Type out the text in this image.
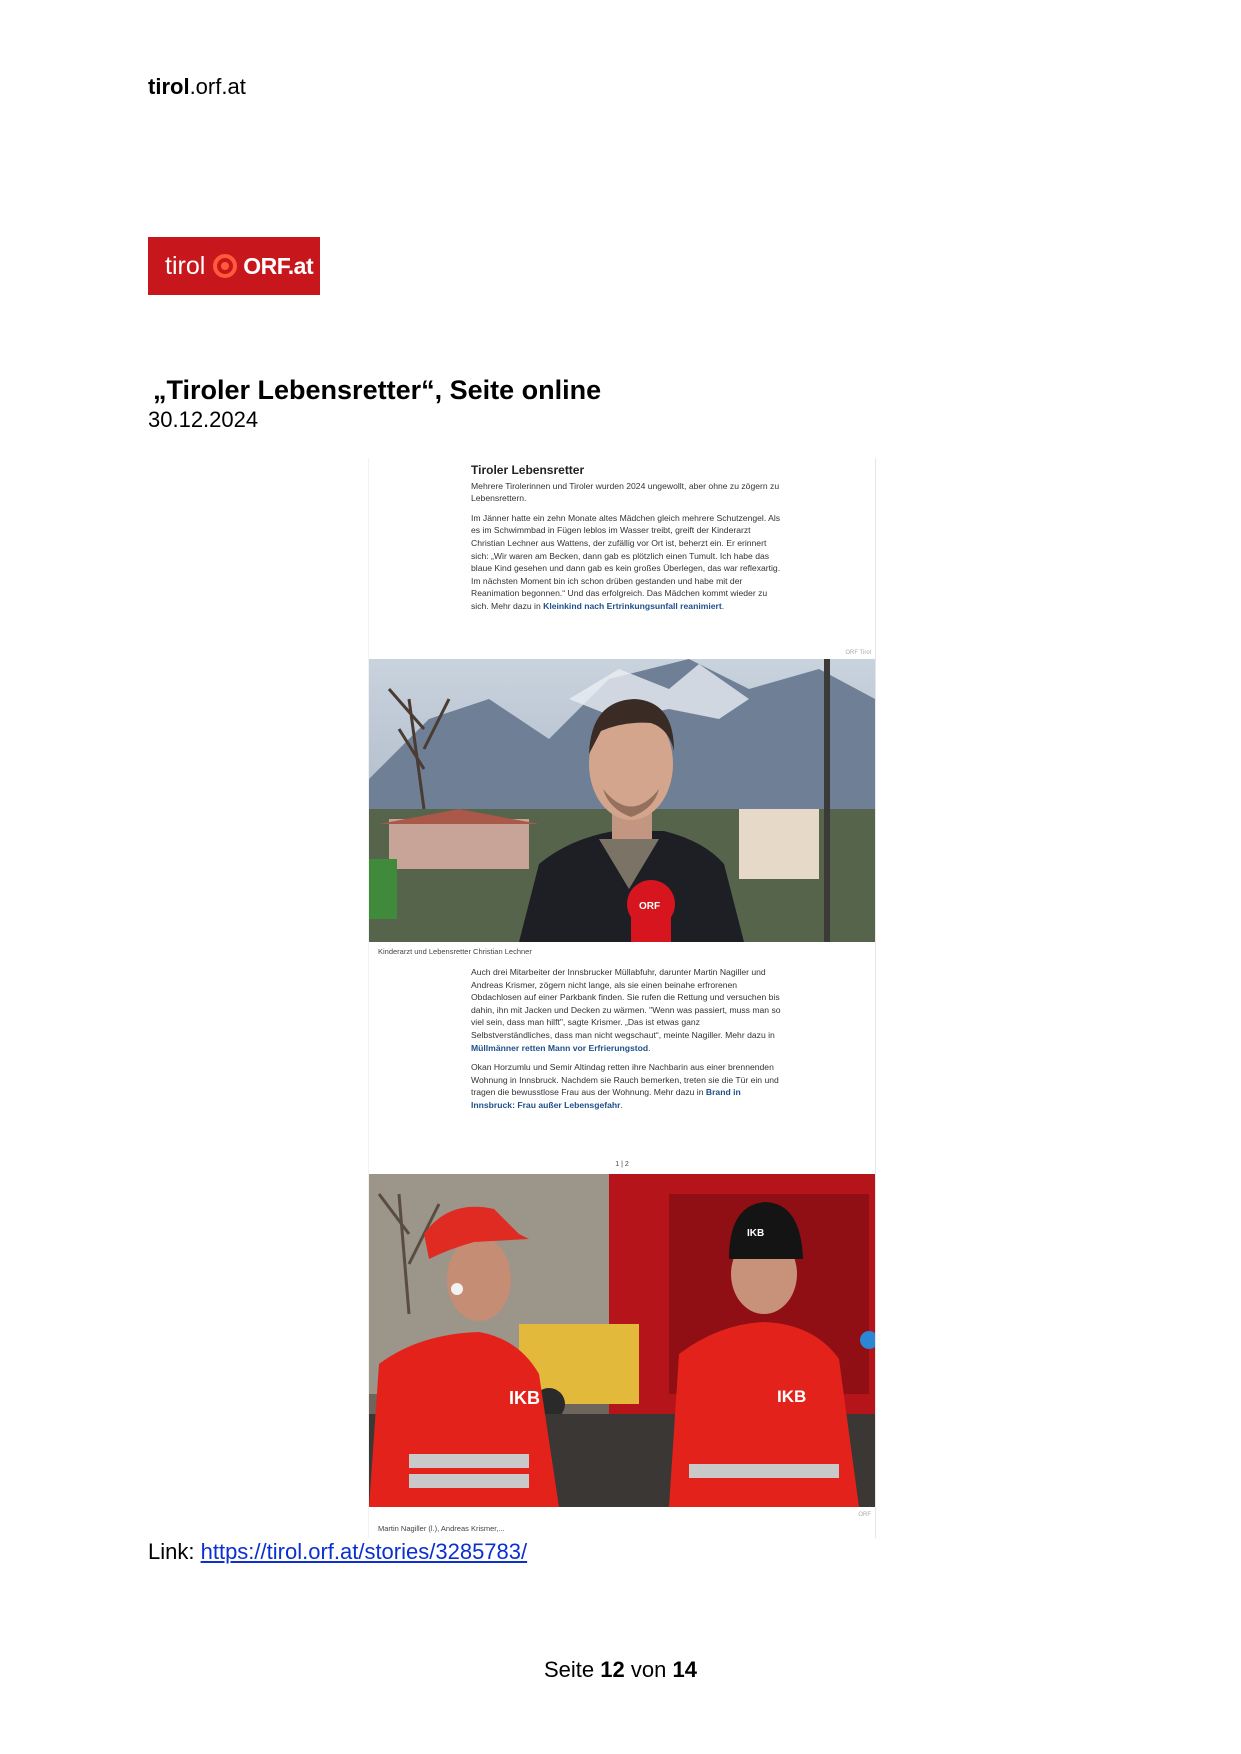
tirol.orf.at
tirol ORF.at
„Tiroler Lebensretter“, Seite online
30.12.2024
Tiroler Lebensretter

Mehrere Tirolerinnen und Tiroler wurden 2024 ungewollt, aber ohne zu zögern zu Lebensrettern.

Im Jänner hatte ein zehn Monate altes Mädchen gleich mehrere Schutzengel. Als es im Schwimmbad in Fügen leblos im Wasser treibt, greift der Kinderarzt Christian Lechner aus Wattens, der zufällig vor Ort ist, beherzt ein. Er erinnert sich: „Wir waren am Becken, dann gab es plötzlich einen Tumult. Ich habe das blaue Kind gesehen und dann gab es kein großes Überlegen, das war reflexartig. Im nächsten Moment bin ich schon drüben gestanden und habe mit der Reanimation begonnen.“ Und das erfolgreich. Das Mädchen kommt wieder zu sich. Mehr dazu in Kleinkind nach Ertrinkungsunfall reanimiert.

ORF Tirol
ORF
Kinderarzt und Lebensretter Christian Lechner

Auch drei Mitarbeiter der Innsbrucker Müllabfuhr, darunter Martin Nagiller und Andreas Krismer, zögern nicht lange, als sie einen beinahe erfrorenen Obdachlosen auf einer Parkbank finden. Sie rufen die Rettung und versuchen bis dahin, ihn mit Jacken und Decken zu wärmen. "Wenn was passiert, muss man so viel sein, dass man hilft", sagte Krismer. „Das ist etwas ganz Selbstverständliches, dass man nicht wegschaut“, meinte Nagiller. Mehr dazu in Müllmänner retten Mann vor Erfrierungstod.

Okan Horzumlu und Semir Altindag retten ihre Nachbarin aus einer brennenden Wohnung in Innsbruck. Nachdem sie Rauch bemerken, treten sie die Tür ein und tragen die bewusstlose Frau aus der Wohnung. Mehr dazu in Brand in Innsbruck: Frau außer Lebensgefahr.

1 | 2
IKB
IKB
IKB
ORF
Martin Nagiller (l.), Andreas Krismer,...
Link: https://tirol.orf.at/stories/3285783/
Seite 12 von 14
